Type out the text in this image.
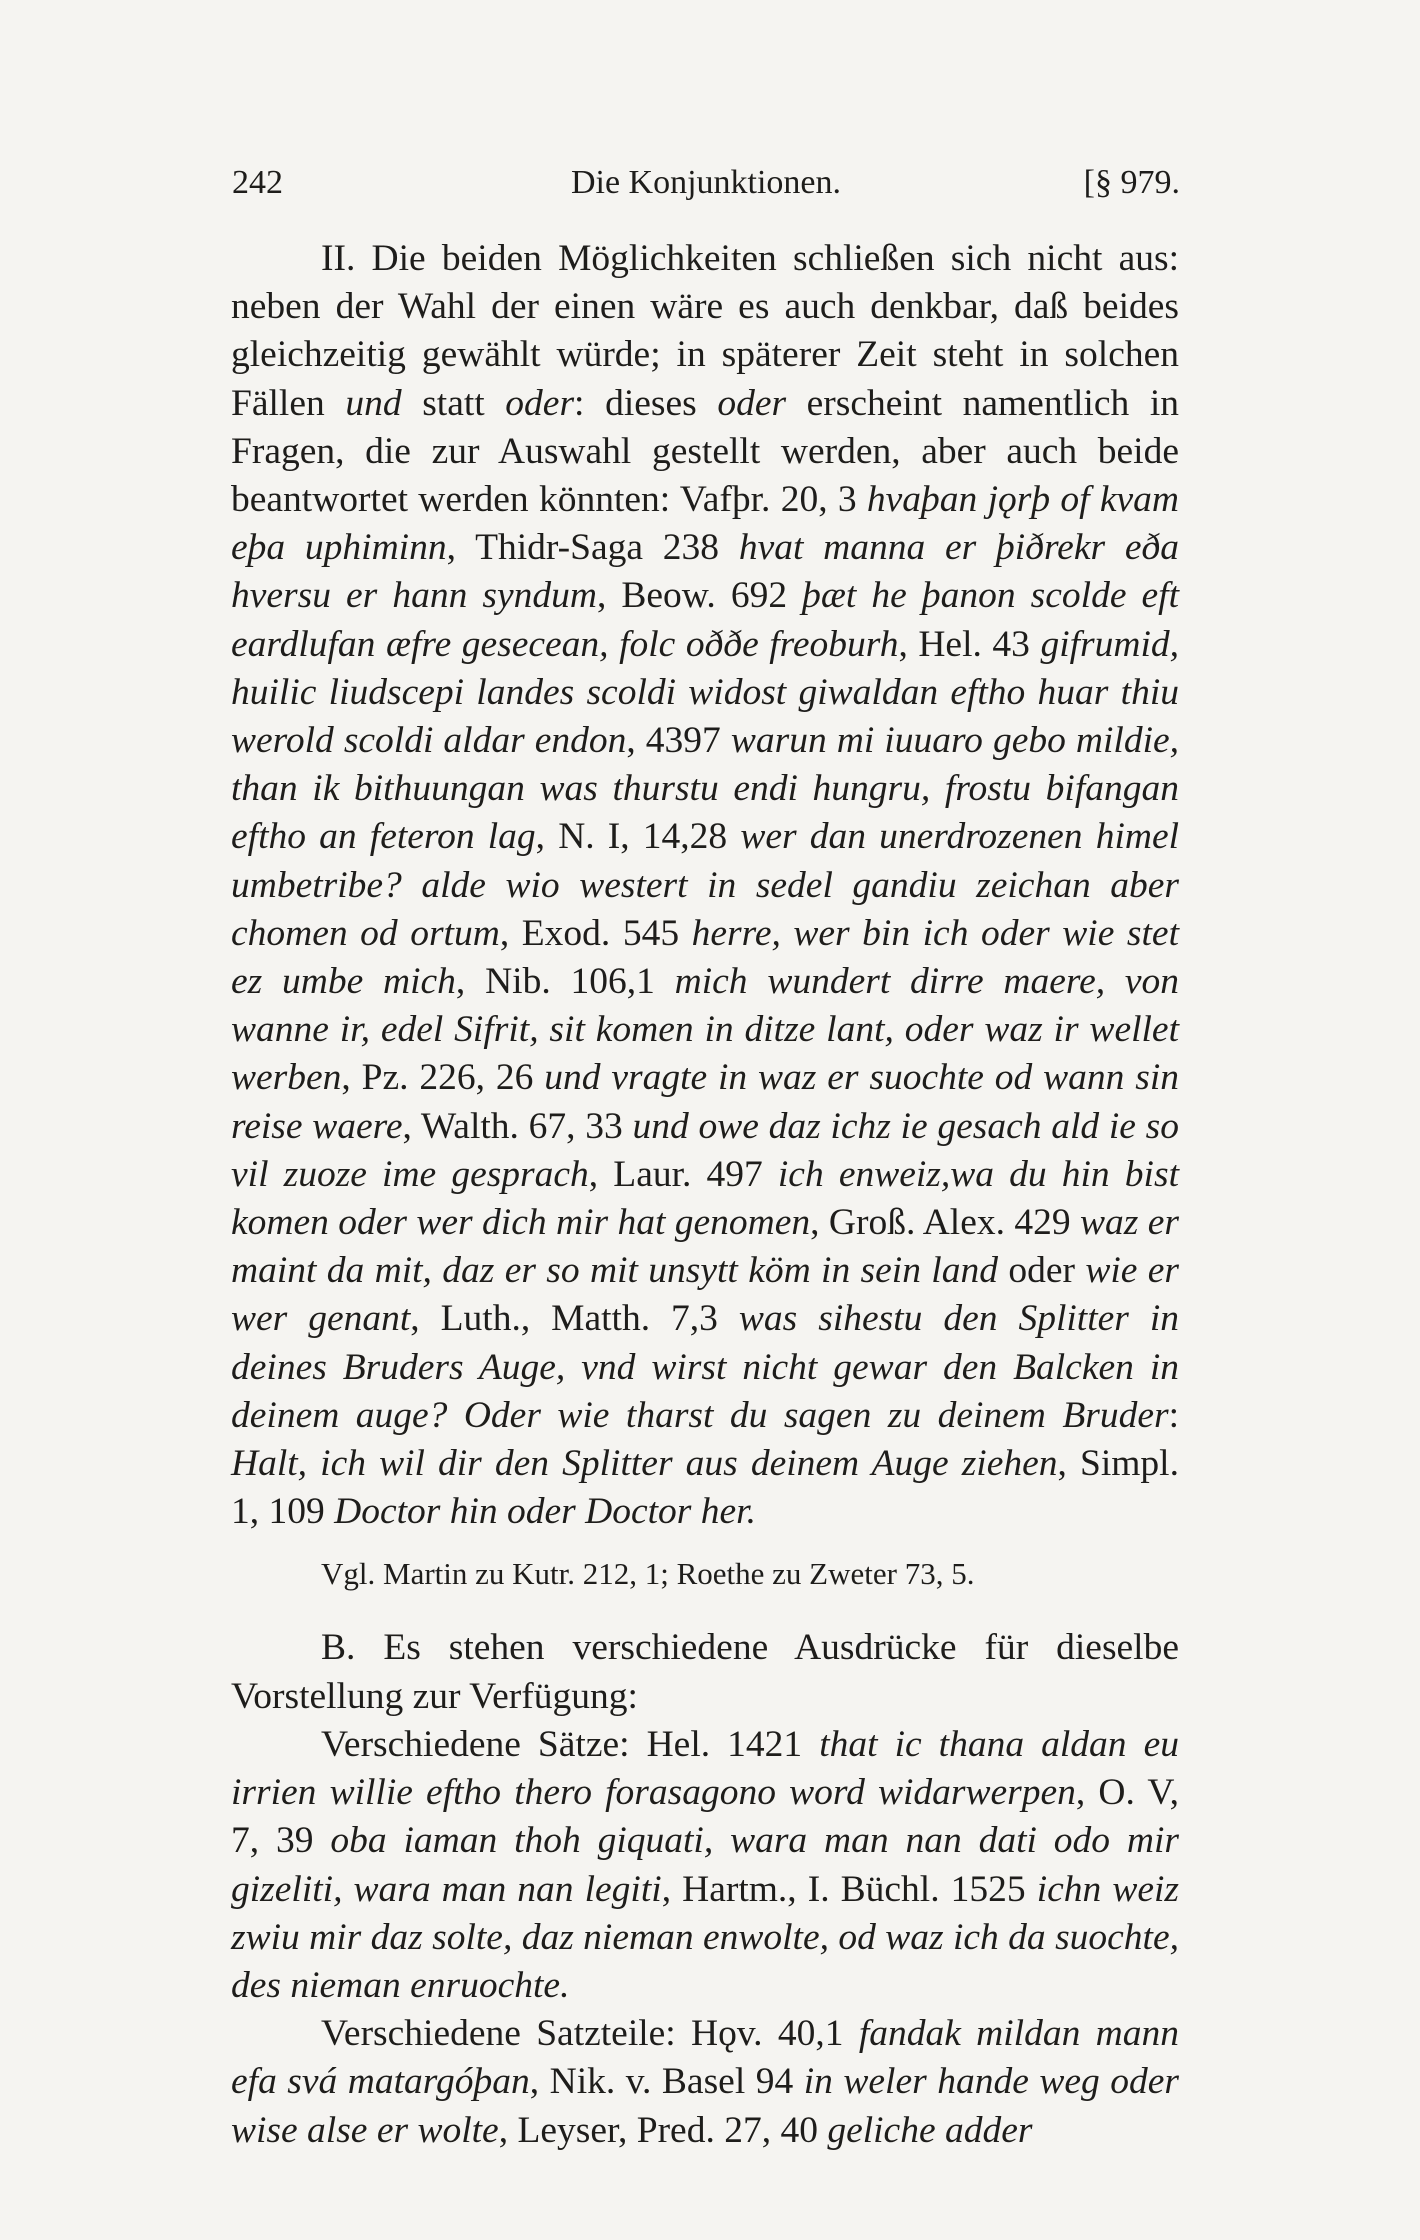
242	Die Konjunktionen.	[§ 979.

II. Die beiden Möglichkeiten schließen sich nicht aus: neben der Wahl der einen wäre es auch denkbar, daß beides gleichzeitig gewählt würde; in späterer Zeit steht in solchen Fällen und statt oder: dieses oder erscheint namentlich in Fragen, die zur Auswahl gestellt werden, aber auch beide beantwortet werden könnten: Vafþr. 20, 3 hvaþan jǫrþ of kvam eþa uphiminn, Thidr-Saga 238 hvat manna er þiðrekr eða hversu er hann syndum, Beow. 692 þæt he þanon scolde eft eardlufan æfre gesecean, folc oððe freoburh, Hel. 43 gifrumid, huilic liudscepi landes scoldi widost giwaldan eftho huar thiu werold scoldi aldar endon, 4397 warun mi iuuaro gebo mildie, than ik bithuungan was thurstu endi hungru, frostu bifangan eftho an feteron lag, N. I, 14,28 wer dan unerdrozenen himel umbetribe? alde wio westert in sedel gandiu zeichan aber chomen od ortum, Exod. 545 herre, wer bin ich oder wie stet ez umbe mich, Nib. 106,1 mich wundert dirre maere, von wanne ir, edel Sifrit, sit komen in ditze lant, oder waz ir wellet werben, Pz. 226, 26 und vragte in waz er suochte od wann sin reise waere, Walth. 67, 33 und owe daz ichz ie gesach ald ie so vil zuoze ime gesprach, Laur. 497 ich enweiz,wa du hin bist komen oder wer dich mir hat genomen, Groß. Alex. 429 waz er maint da mit, daz er so mit unsytt köm in sein land oder wie er wer genant, Luth., Matth. 7,3 was sihestu den Splitter in deines Bruders Auge, vnd wirst nicht gewar den Balcken in deinem auge? Oder wie tharst du sagen zu deinem Bruder: Halt, ich wil dir den Splitter aus deinem Auge ziehen, Simpl. 1, 109 Doctor hin oder Doctor her.

Vgl. Martin zu Kutr. 212, 1; Roethe zu Zweter 73, 5.

B. Es stehen verschiedene Ausdrücke für dieselbe Vorstellung zur Verfügung:

Verschiedene Sätze: Hel. 1421 that ic thana aldan eu irrien willie eftho thero forasagono word widarwerpen, O. V, 7, 39 oba iaman thoh giquati, wara man nan dati odo mir gizeliti, wara man nan legiti, Hartm., I. Büchl. 1525 ichn weiz zwiu mir daz solte, daz nieman enwolte, od waz ich da suochte, des nieman enruochte.

Verschiedene Satzteile: Hǫv. 40,1 fandak mildan mann efa svá matargóþan, Nik. v. Basel 94 in weler hande weg oder wise alse er wolte, Leyser, Pred. 27, 40 geliche adder
